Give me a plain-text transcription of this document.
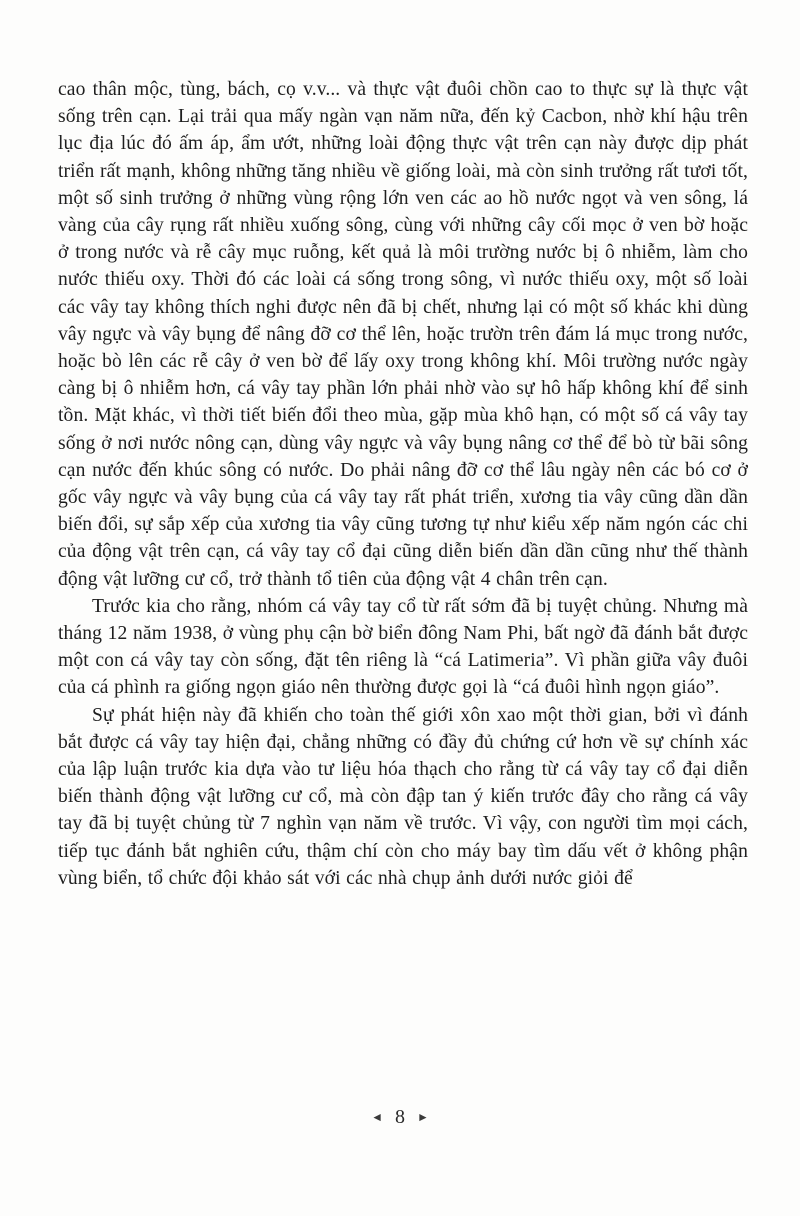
cao thân mộc, tùng, bách, cọ v.v... và thực vật đuôi chồn cao to thực sự là thực vật sống trên cạn. Lại trải qua mấy ngàn vạn năm nữa, đến kỷ Cacbon, nhờ khí hậu trên lục địa lúc đó ấm áp, ẩm ướt, những loài động thực vật trên cạn này được dịp phát triển rất mạnh, không những tăng nhiều về giống loài, mà còn sinh trưởng rất tươi tốt, một số sinh trưởng ở những vùng rộng lớn ven các ao hồ nước ngọt và ven sông, lá vàng của cây rụng rất nhiều xuống sông, cùng với những cây cối mọc ở ven bờ hoặc ở trong nước và rễ cây mục ruỗng, kết quả là môi trường nước bị ô nhiễm, làm cho nước thiếu oxy. Thời đó các loài cá sống trong sông, vì nước thiếu oxy, một số loài các vây tay không thích nghi được nên đã bị chết, nhưng lại có một số khác khi dùng vây ngực và vây bụng để nâng đỡ cơ thể lên, hoặc trườn trên đám lá mục trong nước, hoặc bò lên các rễ cây ở ven bờ để lấy oxy trong không khí. Môi trường nước ngày càng bị ô nhiễm hơn, cá vây tay phần lớn phải nhờ vào sự hô hấp không khí để sinh tồn. Mặt khác, vì thời tiết biến đổi theo mùa, gặp mùa khô hạn, có một số cá vây tay sống ở nơi nước nông cạn, dùng vây ngực và vây bụng nâng cơ thể để bò từ bãi sông cạn nước đến khúc sông có nước. Do phải nâng đỡ cơ thể lâu ngày nên các bó cơ ở gốc vây ngực và vây bụng của cá vây tay rất phát triển, xương tia vây cũng dần dần biến đổi, sự sắp xếp của xương tia vây cũng tương tự như kiểu xếp năm ngón các chi của động vật trên cạn, cá vây tay cổ đại cũng diễn biến dần dần cũng như thế thành động vật lưỡng cư cổ, trở thành tổ tiên của động vật 4 chân trên cạn.

Trước kia cho rằng, nhóm cá vây tay cổ từ rất sớm đã bị tuyệt chủng. Nhưng mà tháng 12 năm 1938, ở vùng phụ cận bờ biển đông Nam Phi, bất ngờ đã đánh bắt được một con cá vây tay còn sống, đặt tên riêng là “cá Latimeria”. Vì phần giữa vây đuôi của cá phình ra giống ngọn giáo nên thường được gọi là “cá đuôi hình ngọn giáo”.

Sự phát hiện này đã khiến cho toàn thế giới xôn xao một thời gian, bởi vì đánh bắt được cá vây tay hiện đại, chẳng những có đầy đủ chứng cứ hơn về sự chính xác của lập luận trước kia dựa vào tư liệu hóa thạch cho rằng từ cá vây tay cổ đại diễn biến thành động vật lưỡng cư cổ, mà còn đập tan ý kiến trước đây cho rằng cá vây tay đã bị tuyệt chủng từ 7 nghìn vạn năm về trước. Vì vậy, con người tìm mọi cách, tiếp tục đánh bắt nghiên cứu, thậm chí còn cho máy bay tìm dấu vết ở không phận vùng biển, tổ chức đội khảo sát với các nhà chụp ảnh dưới nước giỏi để

◄ 8 ►
